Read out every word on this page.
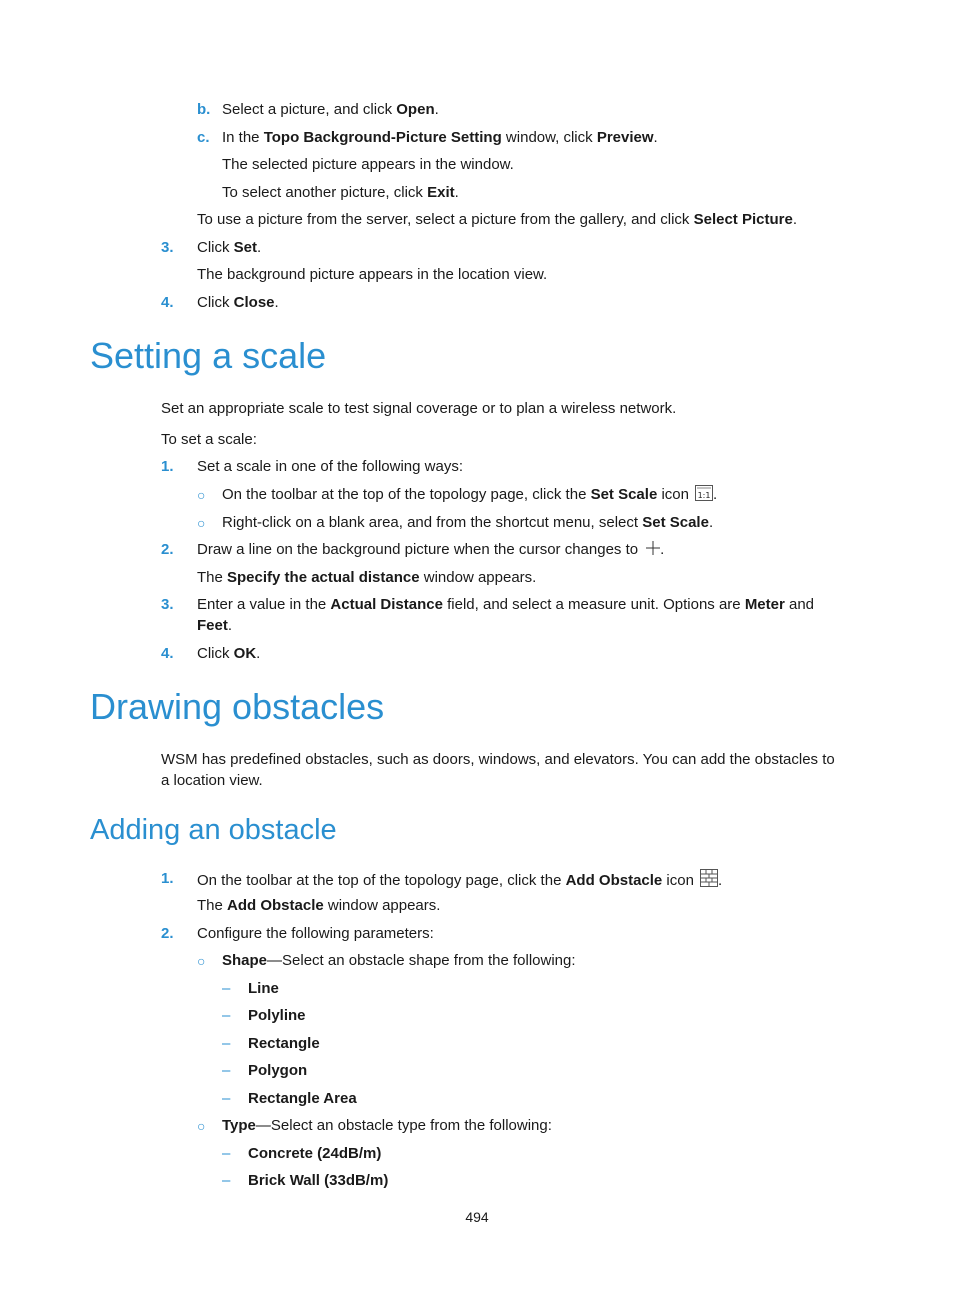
b. Select a picture, and click Open.
c. In the Topo Background-Picture Setting window, click Preview.
The selected picture appears in the window.
To select another picture, click Exit.
To use a picture from the server, select a picture from the gallery, and click Select Picture.
3. Click Set.
The background picture appears in the location view.
4. Click Close.
Setting a scale
Set an appropriate scale to test signal coverage or to plan a wireless network.
To set a scale:
1. Set a scale in one of the following ways:
○ On the toolbar at the top of the topology page, click the Set Scale icon 1:1 .
○ Right-click on a blank area, and from the shortcut menu, select Set Scale.
2. Draw a line on the background picture when the cursor changes to .
The Specify the actual distance window appears.
3. Enter a value in the Actual Distance field, and select a measure unit. Options are Meter and
Feet.
4. Click OK.
Drawing obstacles
WSM has predefined obstacles, such as doors, windows, and elevators. You can add the obstacles to
a location view.
Adding an obstacle
1. On the toolbar at the top of the topology page, click the Add Obstacle icon .
The Add Obstacle window appears.
2. Configure the following parameters:
○ Shape—Select an obstacle shape from the following:
– Line
– Polyline
– Rectangle
– Polygon
– Rectangle Area
○ Type—Select an obstacle type from the following:
– Concrete (24dB/m)
– Brick Wall (33dB/m)
494
